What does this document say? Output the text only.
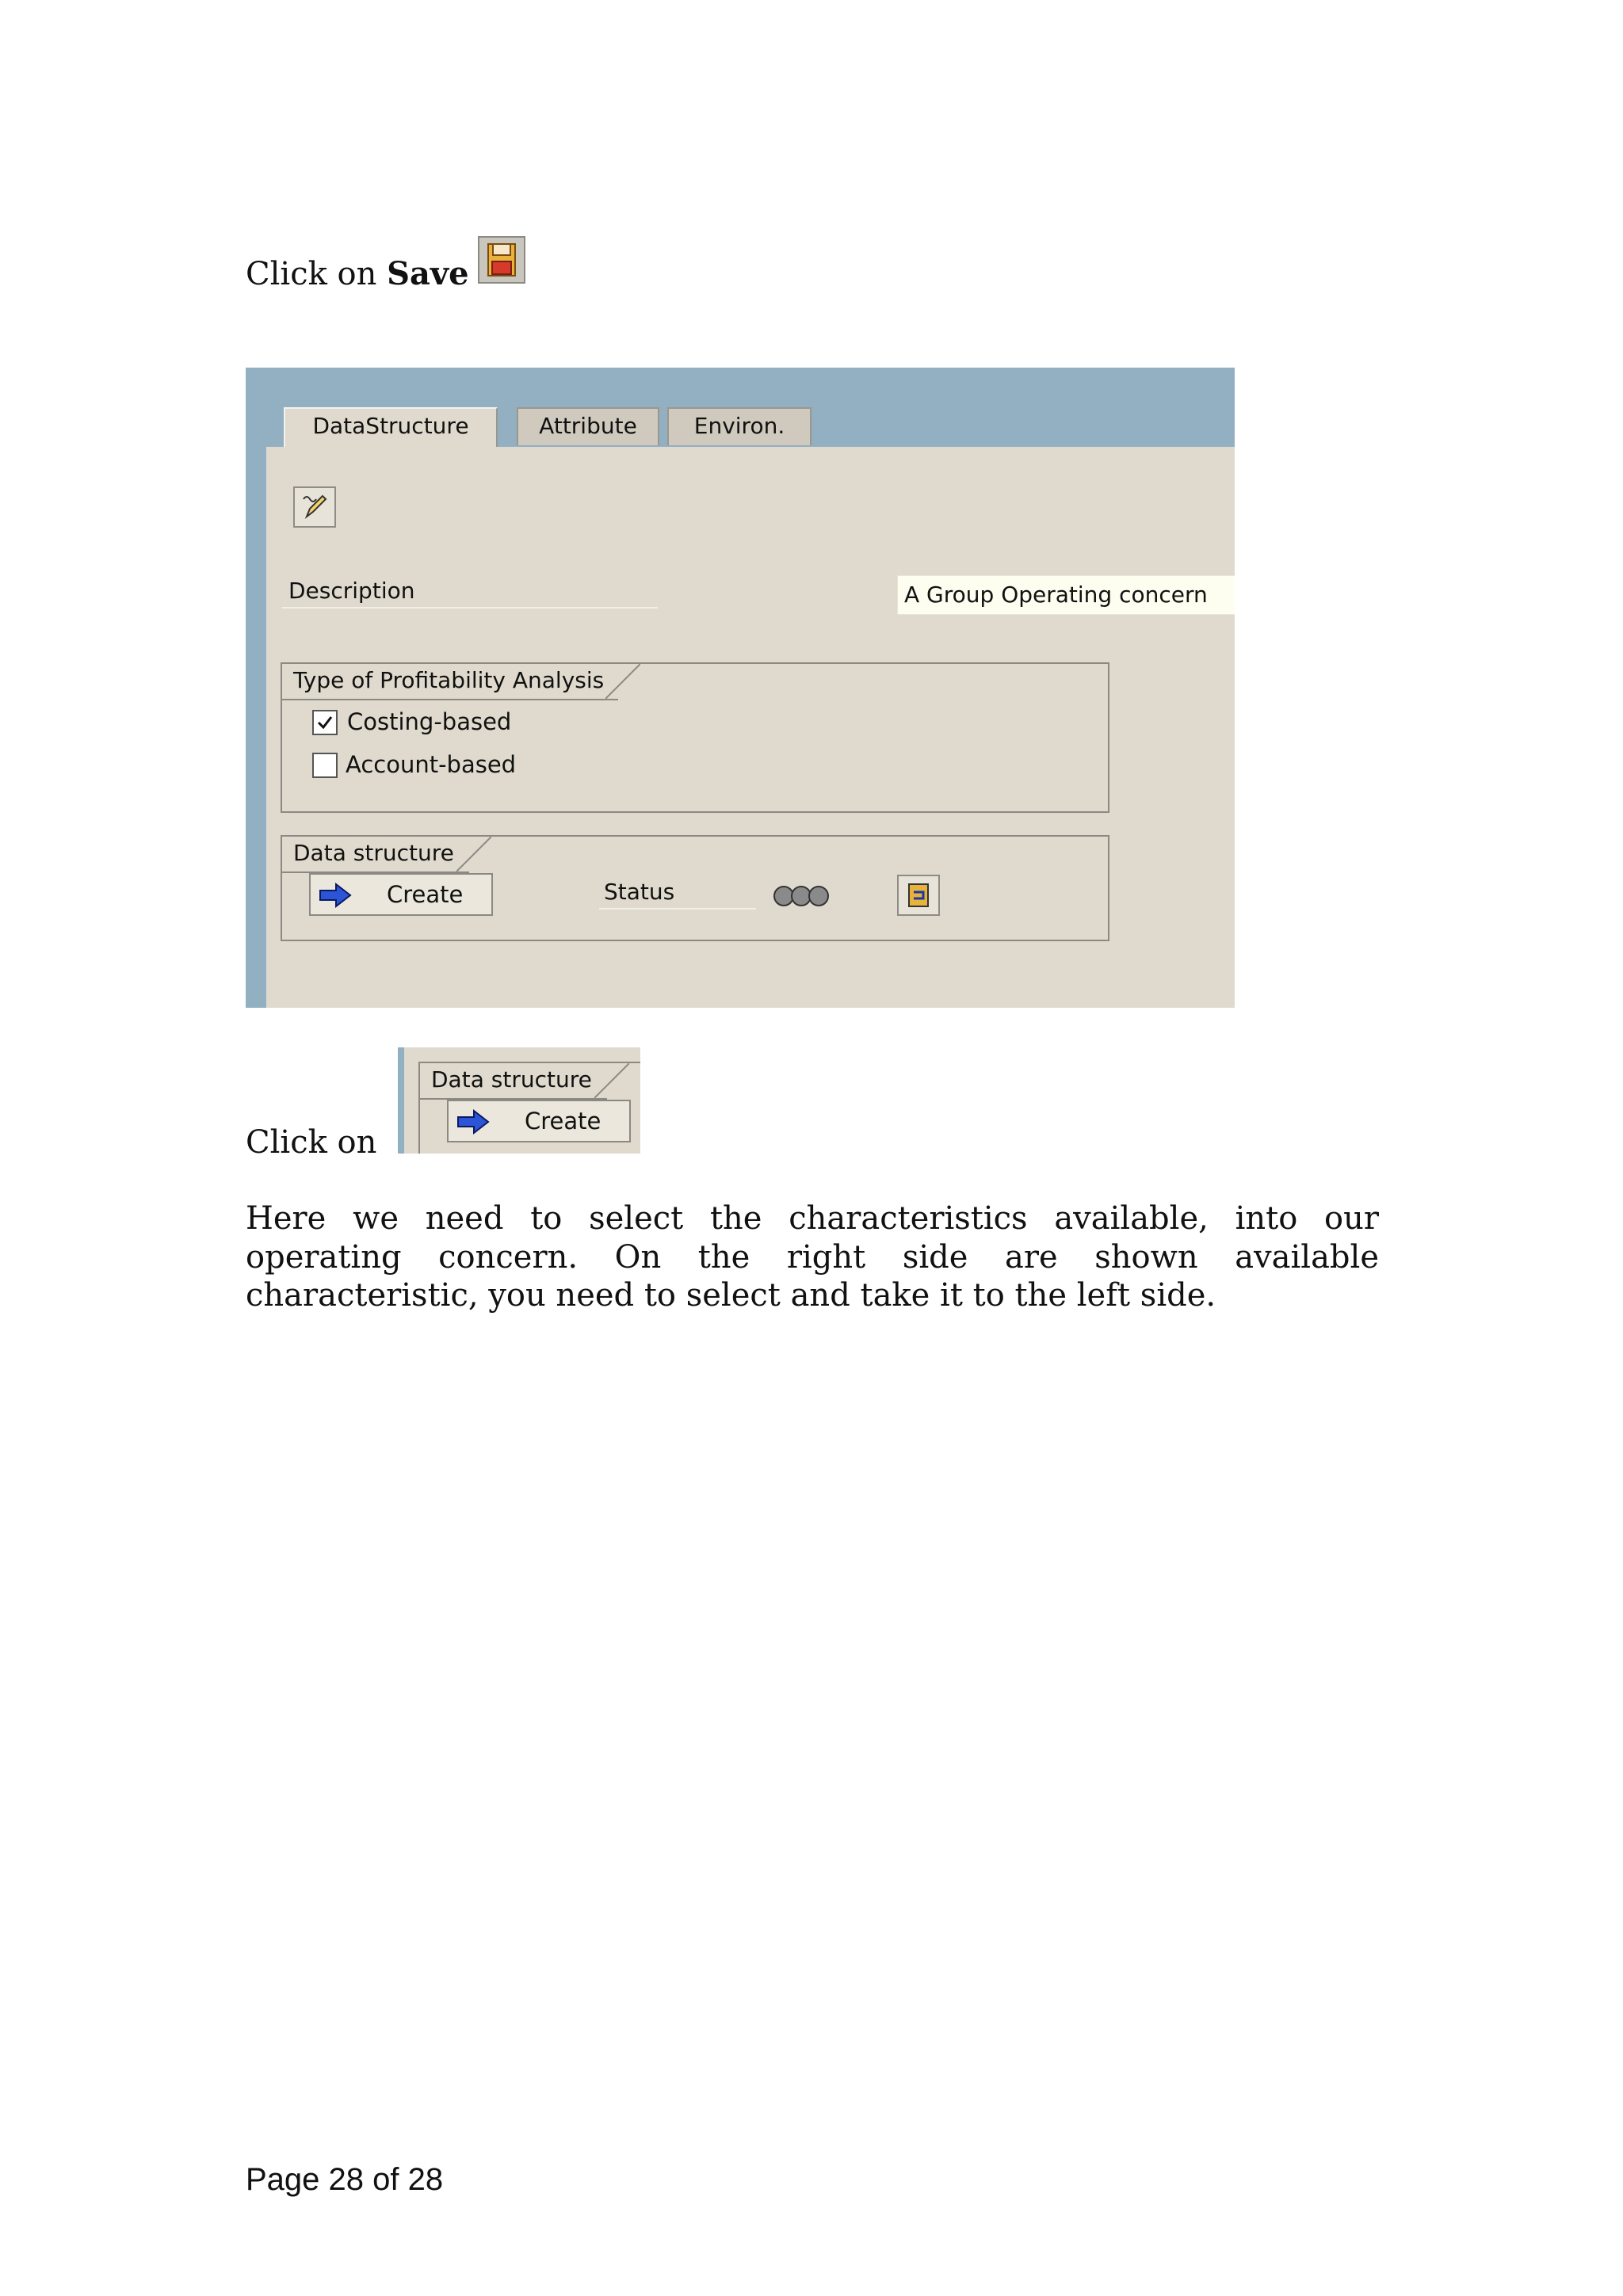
Click on Save
DataStructure	Attribute	Environ.
Description	A Group Operating concern
Type of Profitability Analysis
Costing-based
Account-based
Data structure
Create	Status
Click on
Data structure
Create
Here we need to select the characteristics available, into our operating concern. On the right side are shown available characteristic, you need to select and take it to the left side.
Page 28 of 28
